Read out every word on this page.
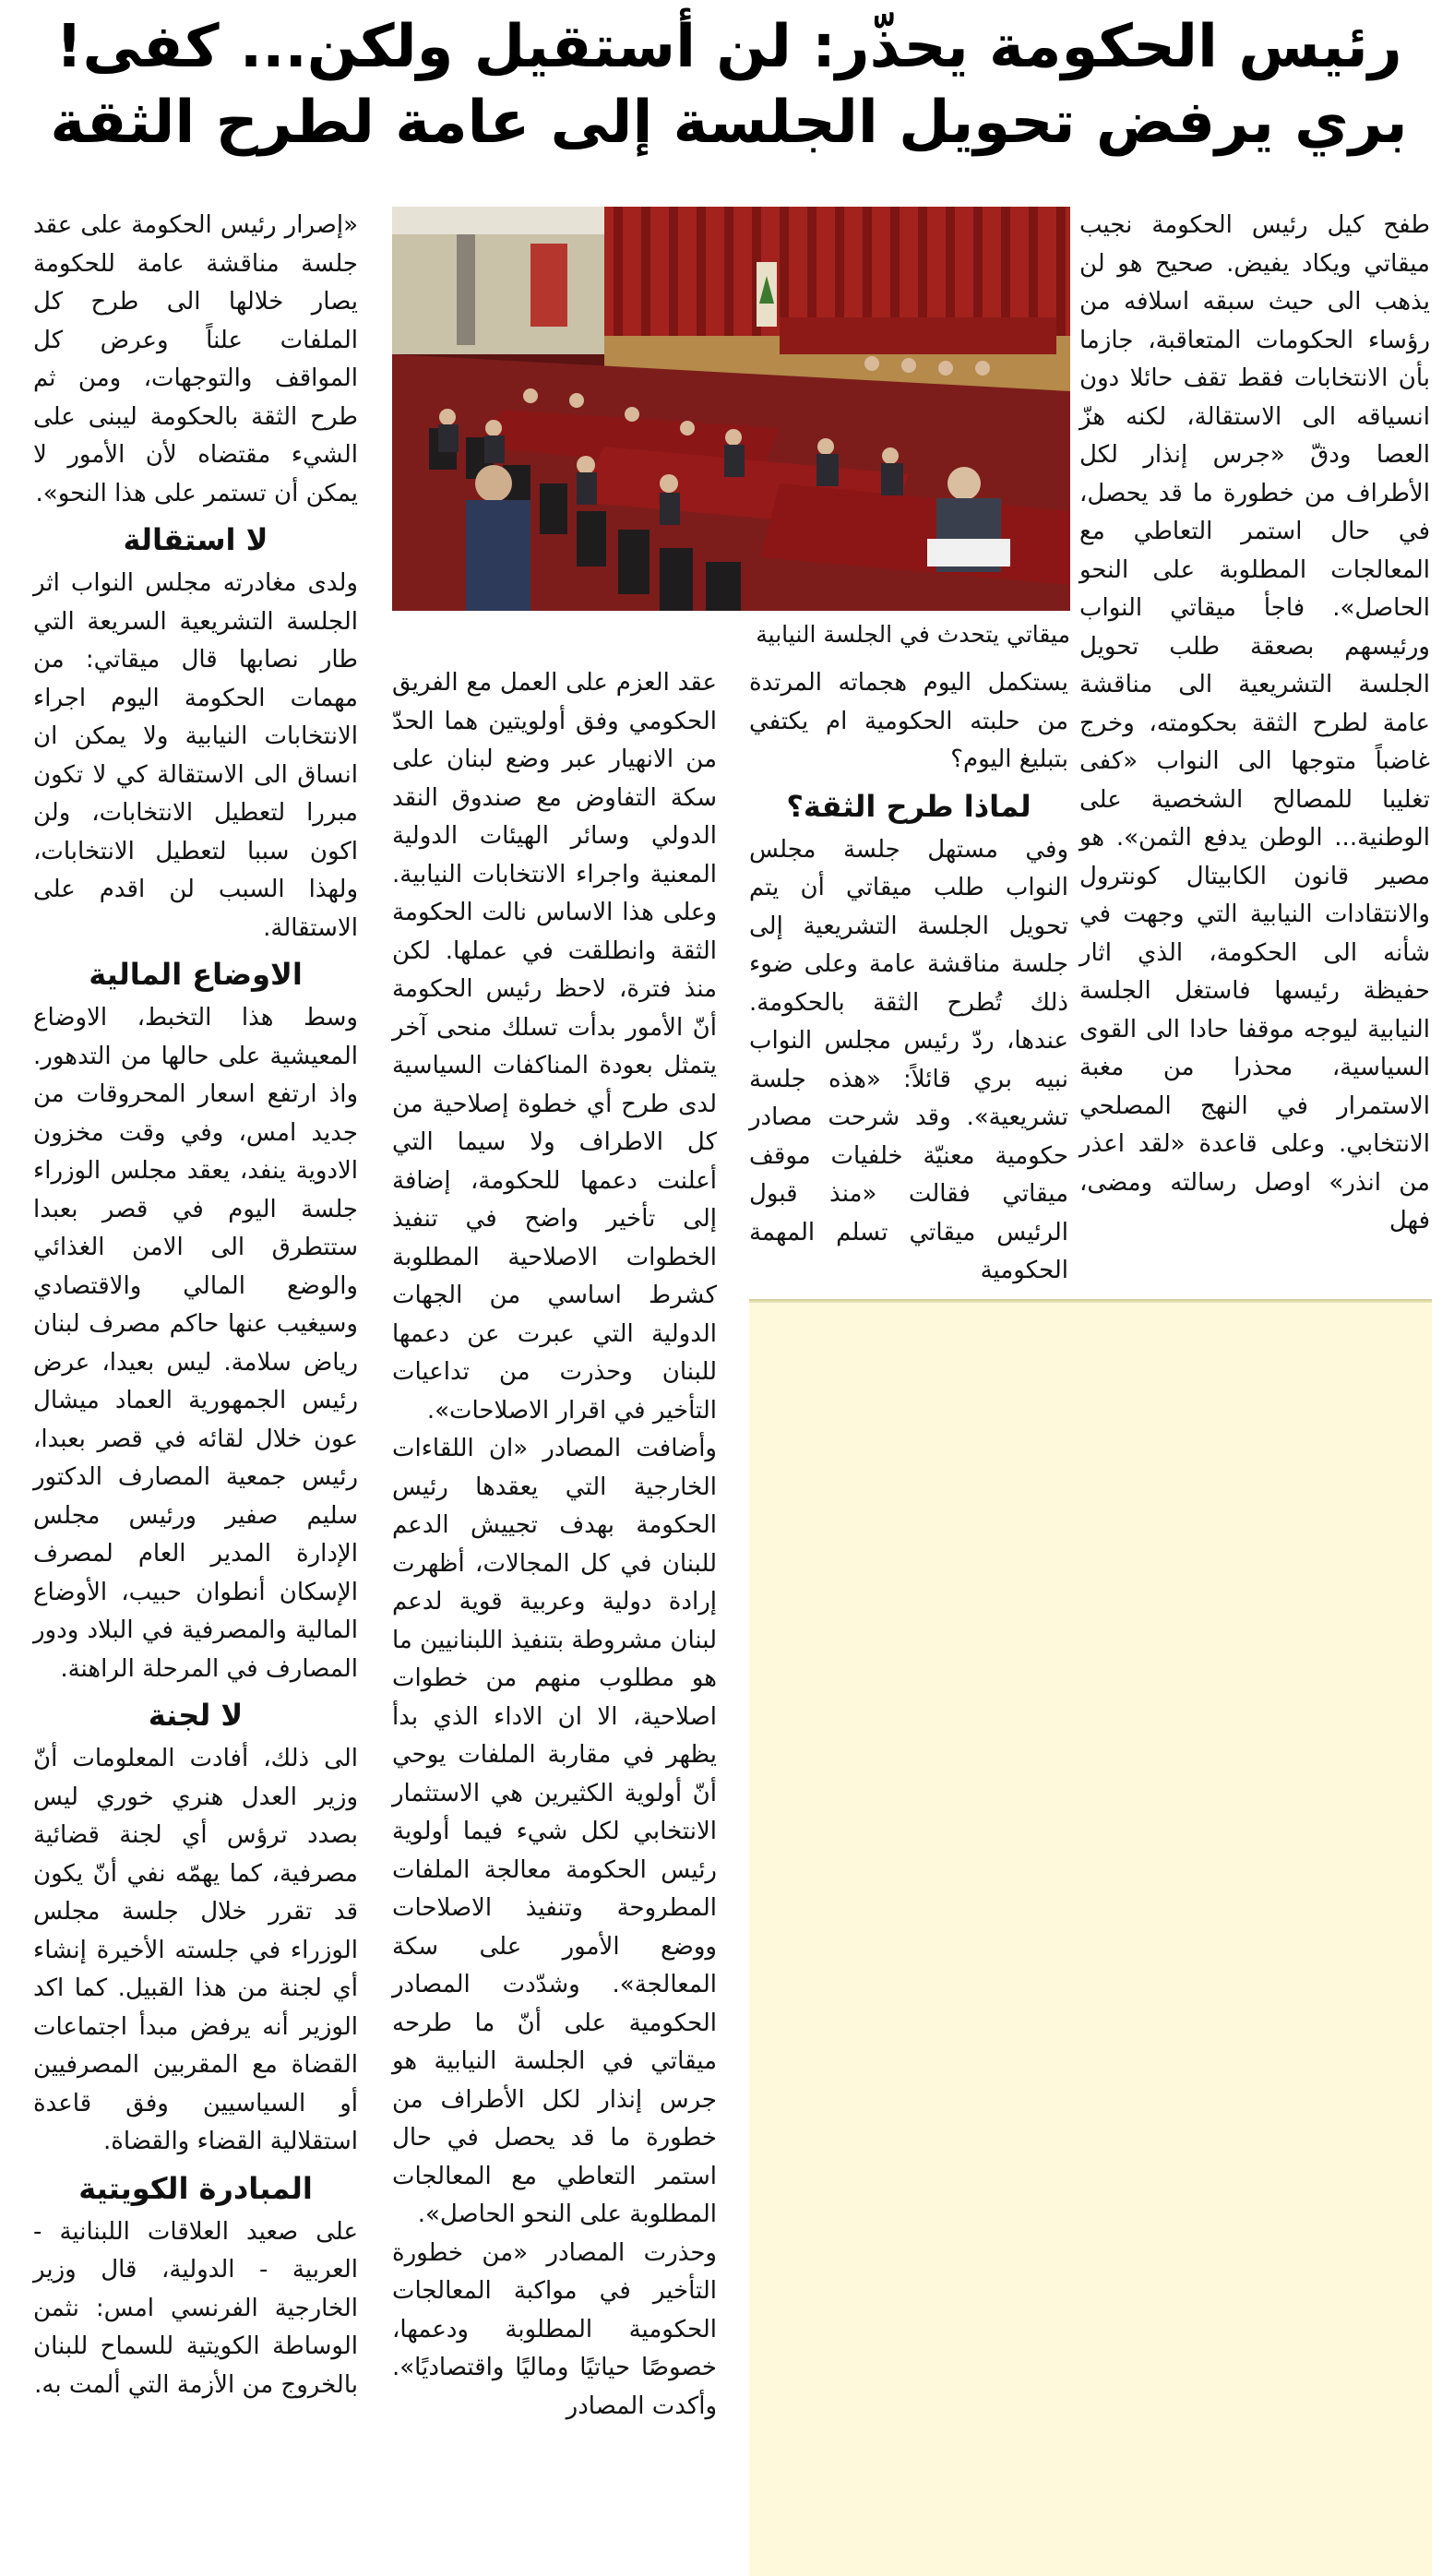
رئيس الحكومة يحذّر: لن أستقيل ولكن... كفى!
بري يرفض تحويل الجلسة إلى عامة لطرح الثقة

طفح كيل رئيس الحكومة نجيب ميقاتي ويكاد يفيض. صحيح هو لن يذهب الى حيث سبقه اسلافه من رؤساء الحكومات المتعاقبة، جازما بأن الانتخابات فقط تقف حائلا دون انسياقه الى الاستقالة، لكنه هزّ العصا ودقّ «جرس إنذار لكل الأطراف من خطورة ما قد يحصل، في حال استمر التعاطي مع المعالجات المطلوبة على النحو الحاصل». فاجأ ميقاتي النواب ورئيسهم بصعقة طلب تحويل الجلسة التشريعية الى مناقشة عامة لطرح الثقة بحكومته، وخرج غاضباً متوجها الى النواب «كفى تغليبا للمصالح الشخصية على الوطنية... الوطن يدفع الثمن». هو مصير قانون الكابيتال كونترول والانتقادات النيابية التي وجهت في شأنه الى الحكومة، الذي اثار حفيظة رئيسها فاستغل الجلسة النيابية ليوجه موقفا حادا الى القوى السياسية، محذرا من مغبة الاستمرار في النهج المصلحي الانتخابي. وعلى قاعدة «لقد اعذر من انذر» اوصل رسالته ومضى، فهل

ميقاتي يتحدث في الجلسة النيابية

يستكمل اليوم هجماته المرتدة من حلبته الحكومية ام يكتفي بتبليغ اليوم؟

لماذا طرح الثقة؟

وفي مستهل جلسة مجلس النواب طلب ميقاتي أن يتم تحويل الجلسة التشريعية إلى جلسة مناقشة عامة وعلى ضوء ذلك تُطرح الثقة بالحكومة. عندها، ردّ رئيس مجلس النواب نبيه بري قائلاً: «هذه جلسة تشريعية». وقد شرحت مصادر حكومية معنيّة خلفيات موقف ميقاتي فقالت «منذ قبول الرئيس ميقاتي تسلم المهمة الحكومية

عقد العزم على العمل مع الفريق الحكومي وفق أولويتين هما الحدّ من الانهيار عبر وضع لبنان على سكة التفاوض مع صندوق النقد الدولي وسائر الهيئات الدولية المعنية واجراء الانتخابات النيابية. وعلى هذا الاساس نالت الحكومة الثقة وانطلقت في عملها. لكن منذ فترة، لاحظ رئيس الحكومة أنّ الأمور بدأت تسلك منحى آخر يتمثل بعودة المناكفات السياسية لدى طرح أي خطوة إصلاحية من كل الاطراف ولا سيما التي أعلنت دعمها للحكومة، إضافة إلى تأخير واضح في تنفيذ الخطوات الاصلاحية المطلوبة كشرط اساسي من الجهات الدولية التي عبرت عن دعمها للبنان وحذرت من تداعيات التأخير في اقرار الاصلاحات».

وأضافت المصادر «ان اللقاءات الخارجية التي يعقدها رئيس الحكومة بهدف تجييش الدعم للبنان في كل المجالات، أظهرت إرادة دولية وعربية قوية لدعم لبنان مشروطة بتنفيذ اللبنانيين ما هو مطلوب منهم من خطوات اصلاحية، الا ان الاداء الذي بدأ يظهر في مقاربة الملفات يوحي أنّ أولوية الكثيرين هي الاستثمار الانتخابي لكل شيء فيما أولوية رئيس الحكومة معالجة الملفات المطروحة وتنفيذ الاصلاحات ووضع الأمور على سكة المعالجة». وشدّدت المصادر الحكومية على أنّ ما طرحه ميقاتي في الجلسة النيابية هو جرس إنذار لكل الأطراف من خطورة ما قد يحصل في حال استمر التعاطي مع المعالجات المطلوبة على النحو الحاصل».

وحذرت المصادر «من خطورة التأخير في مواكبة المعالجات الحكومية المطلوبة ودعمها، خصوصًا حياتيًا وماليًا واقتصاديًا». وأكدت المصادر

«إصرار رئيس الحكومة على عقد جلسة مناقشة عامة للحكومة يصار خلالها الى طرح كل الملفات علناً وعرض كل المواقف والتوجهات، ومن ثم طرح الثقة بالحكومة ليبنى على الشيء مقتضاه لأن الأمور لا يمكن أن تستمر على هذا النحو».

لا استقالة

ولدى مغادرته مجلس النواب اثر الجلسة التشريعية السريعة التي طار نصابها قال ميقاتي: من مهمات الحكومة اليوم اجراء الانتخابات النيابية ولا يمكن ان انساق الى الاستقالة كي لا تكون مبررا لتعطيل الانتخابات، ولن اكون سببا لتعطيل الانتخابات، ولهذا السبب لن اقدم على الاستقالة.

الاوضاع المالية

وسط هذا التخبط، الاوضاع المعيشية على حالها من التدهور. واذ ارتفع اسعار المحروقات من جديد امس، وفي وقت مخزون الادوية ينفد، يعقد مجلس الوزراء جلسة اليوم في قصر بعبدا ستتطرق الى الامن الغذائي والوضع المالي والاقتصادي وسيغيب عنها حاكم مصرف لبنان رياض سلامة. ليس بعيدا، عرض رئيس الجمهورية العماد ميشال عون خلال لقائه في قصر بعبدا، رئيس جمعية المصارف الدكتور سليم صفير ورئيس مجلس الإدارة المدير العام لمصرف الإسكان أنطوان حبيب، الأوضاع المالية والمصرفية في البلاد ودور المصارف في المرحلة الراهنة.

لا لجنة

الى ذلك، أفادت المعلومات أنّ وزير العدل هنري خوري ليس بصدد ترؤس أي لجنة قضائية مصرفية، كما يهمّه نفي أنّ يكون قد تقرر خلال جلسة مجلس الوزراء في جلسته الأخيرة إنشاء أي لجنة من هذا القبيل. كما اكد الوزير أنه يرفض مبدأ اجتماعات القضاة مع المقربين المصرفيين أو السياسيين وفق قاعدة استقلالية القضاء والقضاة.

المبادرة الكويتية

على صعيد العلاقات اللبنانية - العربية - الدولية، قال وزير الخارجية الفرنسي امس: نثمن الوساطة الكويتية للسماح للبنان بالخروج من الأزمة التي ألمت به.
